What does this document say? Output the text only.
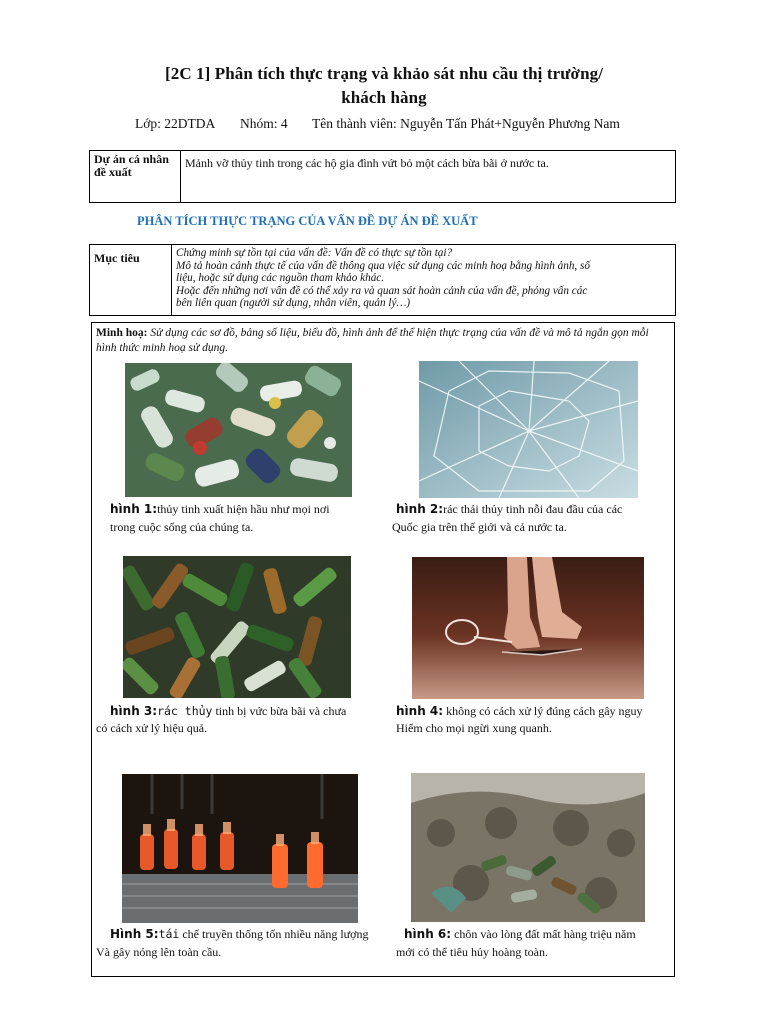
[2C 1] Phân tích thực trạng và khảo sát nhu cầu thị trường/
khách hàng
Lớp: 22DTDA Nhóm: 4 Tên thành viên: Nguyễn Tấn Phát+Nguyễn Phương Nam
Dự án cá nhân
đề xuất
	Mảnh vỡ thủy tinh trong các hộ gia đình vứt bỏ một cách bừa bãi ở nước ta.
PHÂN TÍCH THỰC TRẠNG CỦA VẤN ĐỀ DỰ ÁN ĐỀ XUẤT
Mục tiêu	Chứng minh sự tồn tại của vấn đề: Vấn đề có thực sự tồn tại?
Mô tả hoàn cảnh thực tế của vấn đề thông qua việc sử dụng các minh hoạ bằng hình ảnh, số
liệu, hoặc sử dụng các nguồn tham khảo khác.
Hoặc đến những nơi vấn đề có thể xảy ra và quan sát hoàn cảnh của vấn đề, phỏng vấn các
bên liên quan (người sử dụng, nhân viên, quản lý…)
Minh hoạ: Sử dụng các sơ đồ, bảng số liệu, biểu đồ, hình ảnh để thể hiện thực trạng của vấn đề và mô tả ngắn gọn mỗi hình thức minh hoạ sử dụng.
hình 1:thủy tinh xuất hiện hầu như mọi nơi
trong cuộc sống của chúng ta.
hình 2:rác thải thủy tinh nỗi đau đầu của các
Quốc gia trên thế giới và cả nước ta.
hình 3:rác thủy tinh bị vức bừa bãi và chưa
có cách xử lý hiệu quả.
hình 4: không có cách xử lý đúng cách gây nguy
Hiểm cho mọi ngừi xung quanh.
Hình 5:tái chế truyền thống tốn nhiều năng lượng
Và gây nóng lên toàn cầu.
hình 6: chôn vào lòng đất mất hàng triệu năm
mới có thể tiêu hủy hoàng toàn.
